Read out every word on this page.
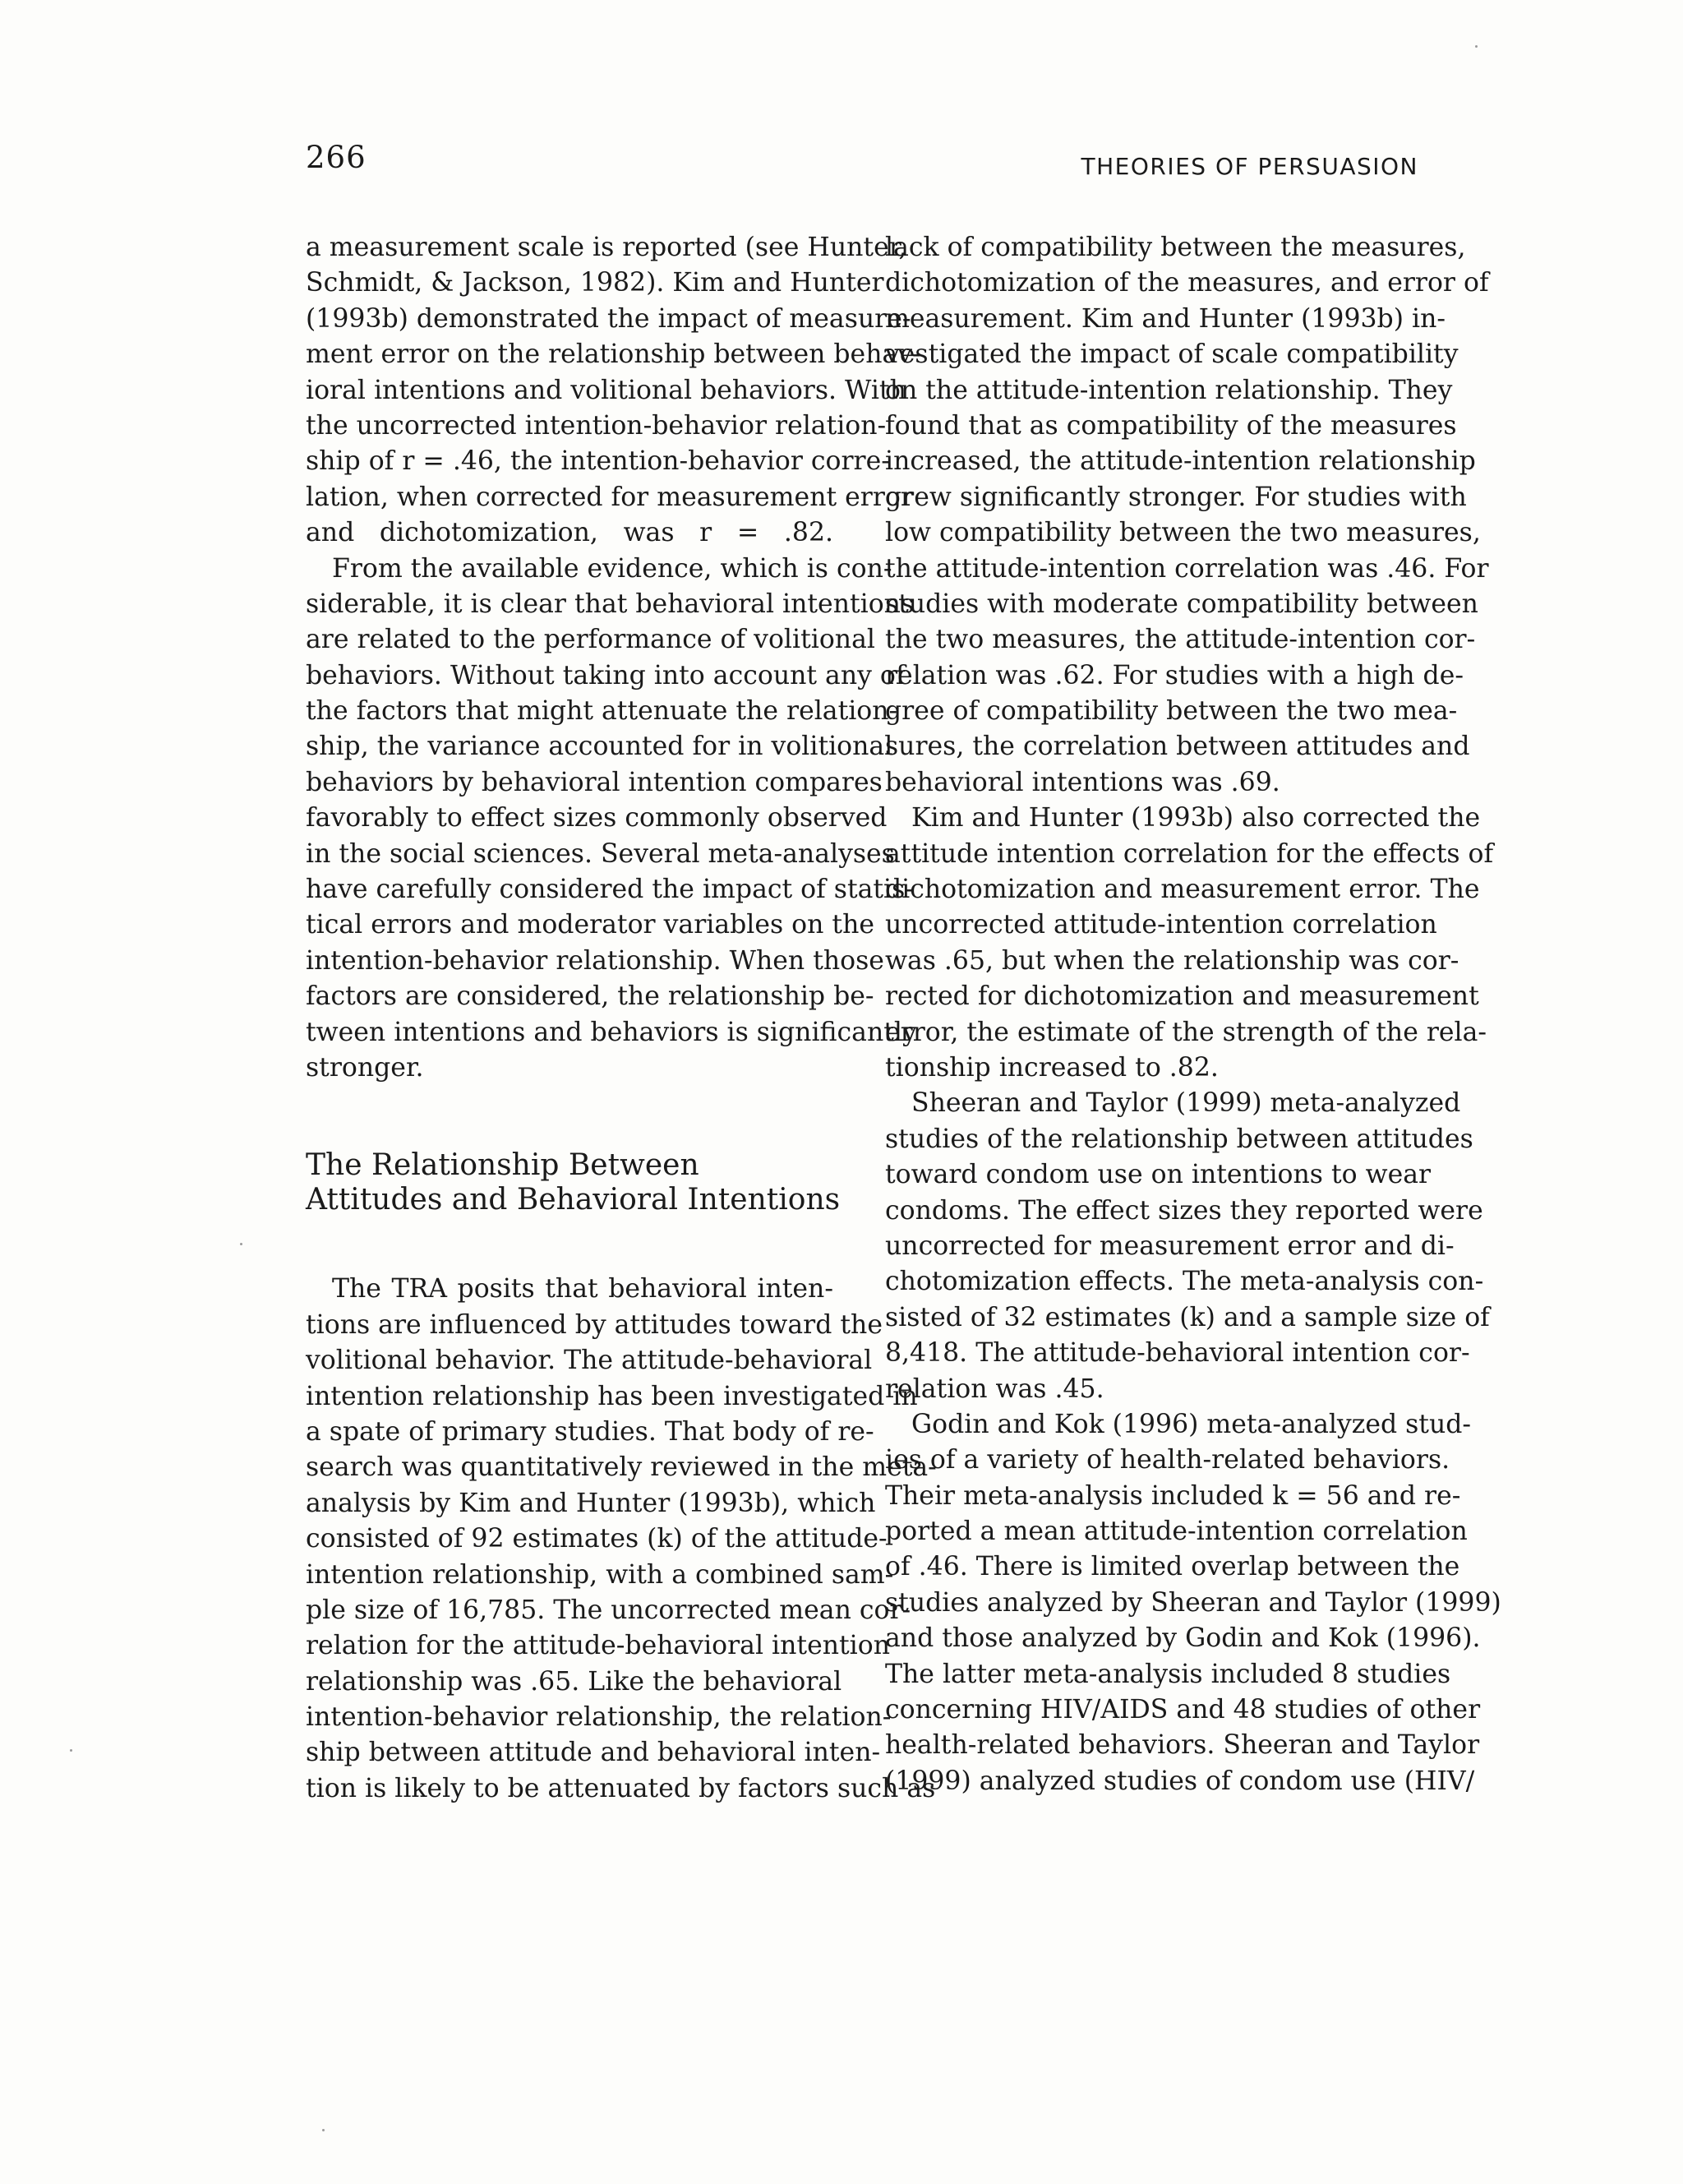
266	THEORIES OF PERSUASION
a measurement scale is reported (see Hunter,
Schmidt, & Jackson, 1982). Kim and Hunter
(1993b) demonstrated the impact of measure-
ment error on the relationship between behav-
ioral intentions and volitional behaviors. With
the uncorrected intention-behavior relation-
ship of r = .46, the intention-behavior corre-
lation, when corrected for measurement error
and dichotomization, was r = .82.
From the available evidence, which is con-
siderable, it is clear that behavioral intentions
are related to the performance of volitional
behaviors. Without taking into account any of
the factors that might attenuate the relation-
ship, the variance accounted for in volitional
behaviors by behavioral intention compares
favorably to effect sizes commonly observed
in the social sciences. Several meta-analyses
have carefully considered the impact of statis-
tical errors and moderator variables on the
intention-behavior relationship. When those
factors are considered, the relationship be-
tween intentions and behaviors is significantly
stronger.
The Relationship Between
Attitudes and Behavioral Intentions
The TRA posits that behavioral inten-
tions are influenced by attitudes toward the
volitional behavior. The attitude-behavioral
intention relationship has been investigated in
a spate of primary studies. That body of re-
search was quantitatively reviewed in the meta-
analysis by Kim and Hunter (1993b), which
consisted of 92 estimates (k) of the attitude-
intention relationship, with a combined sam-
ple size of 16,785. The uncorrected mean cor-
relation for the attitude-behavioral intention
relationship was .65. Like the behavioral
intention-behavior relationship, the relation-
ship between attitude and behavioral inten-
tion is likely to be attenuated by factors such as
lack of compatibility between the measures,
dichotomization of the measures, and error of
measurement. Kim and Hunter (1993b) in-
vestigated the impact of scale compatibility
on the attitude-intention relationship. They
found that as compatibility of the measures
increased, the attitude-intention relationship
grew significantly stronger. For studies with
low compatibility between the two measures,
the attitude-intention correlation was .46. For
studies with moderate compatibility between
the two measures, the attitude-intention cor-
relation was .62. For studies with a high de-
gree of compatibility between the two mea-
sures, the correlation between attitudes and
behavioral intentions was .69.
Kim and Hunter (1993b) also corrected the
attitude intention correlation for the effects of
dichotomization and measurement error. The
uncorrected attitude-intention correlation
was .65, but when the relationship was cor-
rected for dichotomization and measurement
error, the estimate of the strength of the rela-
tionship increased to .82.
Sheeran and Taylor (1999) meta-analyzed
studies of the relationship between attitudes
toward condom use on intentions to wear
condoms. The effect sizes they reported were
uncorrected for measurement error and di-
chotomization effects. The meta-analysis con-
sisted of 32 estimates (k) and a sample size of
8,418. The attitude-behavioral intention cor-
relation was .45.
Godin and Kok (1996) meta-analyzed stud-
ies of a variety of health-related behaviors.
Their meta-analysis included k = 56 and re-
ported a mean attitude-intention correlation
of .46. There is limited overlap between the
studies analyzed by Sheeran and Taylor (1999)
and those analyzed by Godin and Kok (1996).
The latter meta-analysis included 8 studies
concerning HIV/AIDS and 48 studies of other
health-related behaviors. Sheeran and Taylor
(1999) analyzed studies of condom use (HIV/
